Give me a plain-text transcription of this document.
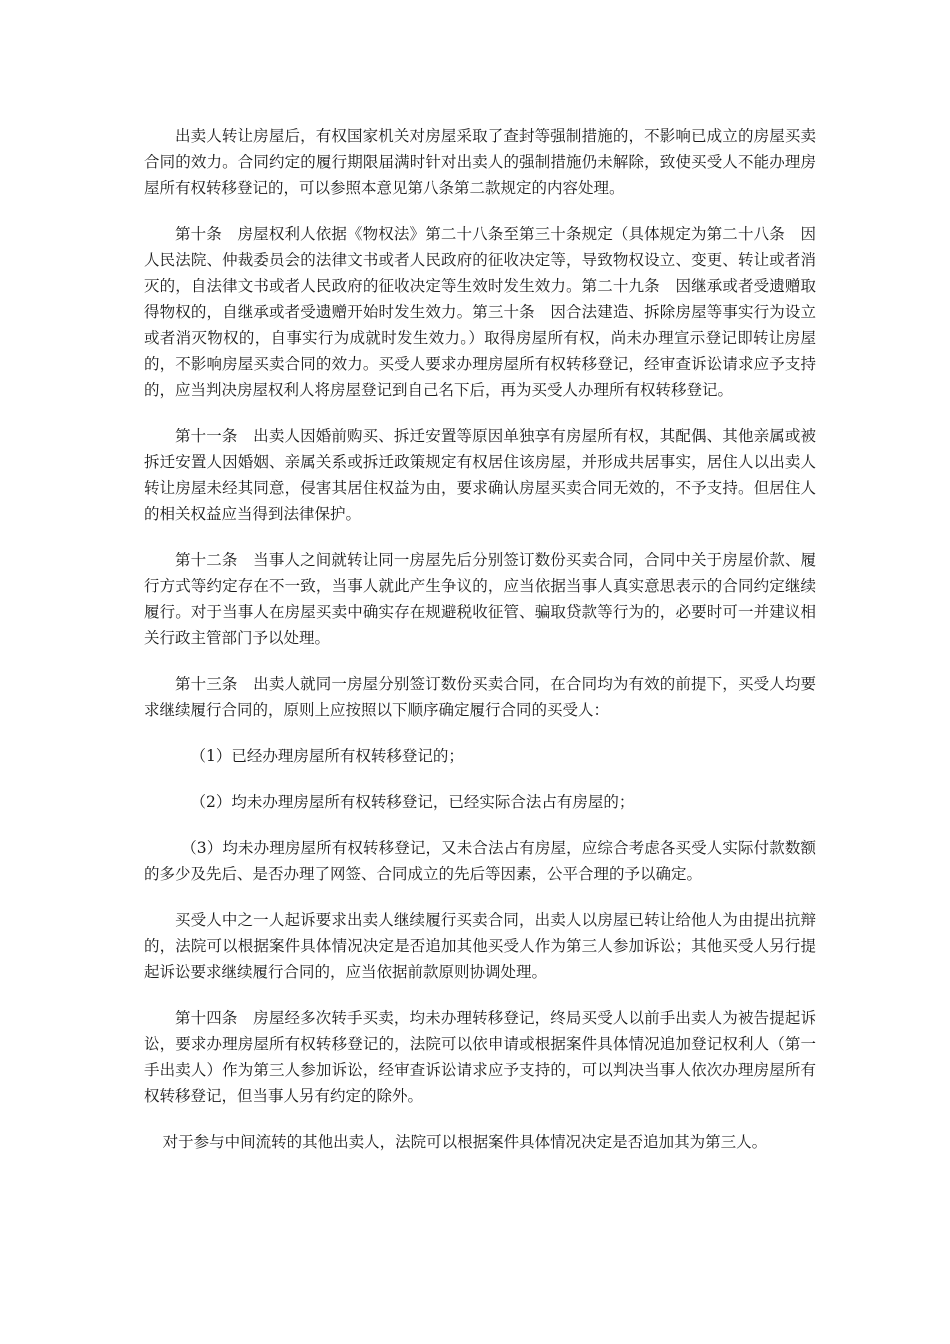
出卖人转让房屋后，有权国家机关对房屋采取了查封等强制措施的，不影响已成立的房屋买卖合同的效力。合同约定的履行期限届满时针对出卖人的强制措施仍未解除，致使买受人不能办理房屋所有权转移登记的，可以参照本意见第八条第二款规定的内容处理。

第十条　房屋权利人依据《物权法》第二十八条至第三十条规定（具体规定为第二十八条　因人民法院、仲裁委员会的法律文书或者人民政府的征收决定等，导致物权设立、变更、转让或者消灭的，自法律文书或者人民政府的征收决定等生效时发生效力。第二十九条　因继承或者受遗赠取得物权的，自继承或者受遗赠开始时发生效力。第三十条　因合法建造、拆除房屋等事实行为设立或者消灭物权的，自事实行为成就时发生效力。）取得房屋所有权，尚未办理宣示登记即转让房屋的，不影响房屋买卖合同的效力。买受人要求办理房屋所有权转移登记，经审查诉讼请求应予支持的，应当判决房屋权利人将房屋登记到自己名下后，再为买受人办理所有权转移登记。

第十一条　出卖人因婚前购买、拆迁安置等原因单独享有房屋所有权，其配偶、其他亲属或被拆迁安置人因婚姻、亲属关系或拆迁政策规定有权居住该房屋，并形成共居事实，居住人以出卖人转让房屋未经其同意，侵害其居住权益为由，要求确认房屋买卖合同无效的，不予支持。但居住人的相关权益应当得到法律保护。

第十二条　当事人之间就转让同一房屋先后分别签订数份买卖合同，合同中关于房屋价款、履行方式等约定存在不一致，当事人就此产生争议的，应当依据当事人真实意思表示的合同约定继续履行。对于当事人在房屋买卖中确实存在规避税收征管、骗取贷款等行为的，必要时可一并建议相关行政主管部门予以处理。

第十三条　出卖人就同一房屋分别签订数份买卖合同，在合同均为有效的前提下，买受人均要求继续履行合同的，原则上应按照以下顺序确定履行合同的买受人：

（1）已经办理房屋所有权转移登记的；

（2）均未办理房屋所有权转移登记，已经实际合法占有房屋的；

（3）均未办理房屋所有权转移登记，又未合法占有房屋，应综合考虑各买受人实际付款数额的多少及先后、是否办理了网签、合同成立的先后等因素，公平合理的予以确定。

买受人中之一人起诉要求出卖人继续履行买卖合同，出卖人以房屋已转让给他人为由提出抗辩的，法院可以根据案件具体情况决定是否追加其他买受人作为第三人参加诉讼；其他买受人另行提起诉讼要求继续履行合同的，应当依据前款原则协调处理。

第十四条　房屋经多次转手买卖，均未办理转移登记，终局买受人以前手出卖人为被告提起诉讼，要求办理房屋所有权转移登记的，法院可以依申请或根据案件具体情况追加登记权利人（第一手出卖人）作为第三人参加诉讼，经审查诉讼请求应予支持的，可以判决当事人依次办理房屋所有权转移登记，但当事人另有约定的除外。

对于参与中间流转的其他出卖人，法院可以根据案件具体情况决定是否追加其为第三人。
